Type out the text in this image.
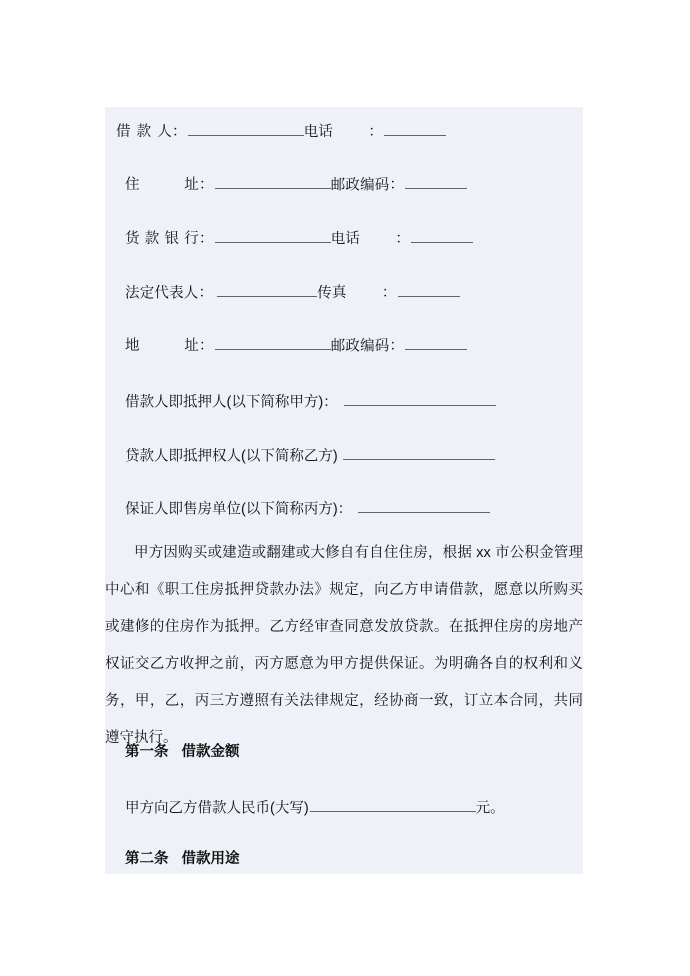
借 款 人：	电话 ：
住　　址：	邮政编码：
货款银行：	电话 ：
法定代表人：	传真 ：
地　　址：	邮政编码：
借款人即抵押人(以下简称甲方)：
贷款人即抵押权人(以下简称乙方)
保证人即售房单位(以下简称丙方)：

甲方因购买或建造或翻建或大修自有自住住房，根据 xx 市公积金管理中心和《职工住房抵押贷款办法》规定，向乙方申请借款，愿意以所购买或建修的住房作为抵押。乙方经审查同意发放贷款。在抵押住房的房地产权证交乙方收押之前，丙方愿意为甲方提供保证。为明确各自的权利和义务，甲，乙，丙三方遵照有关法律规定，经协商一致，订立本合同，共同遵守执行。

第一条 借款金额
甲方向乙方借款人民币(大写)	元。
第二条 借款用途
